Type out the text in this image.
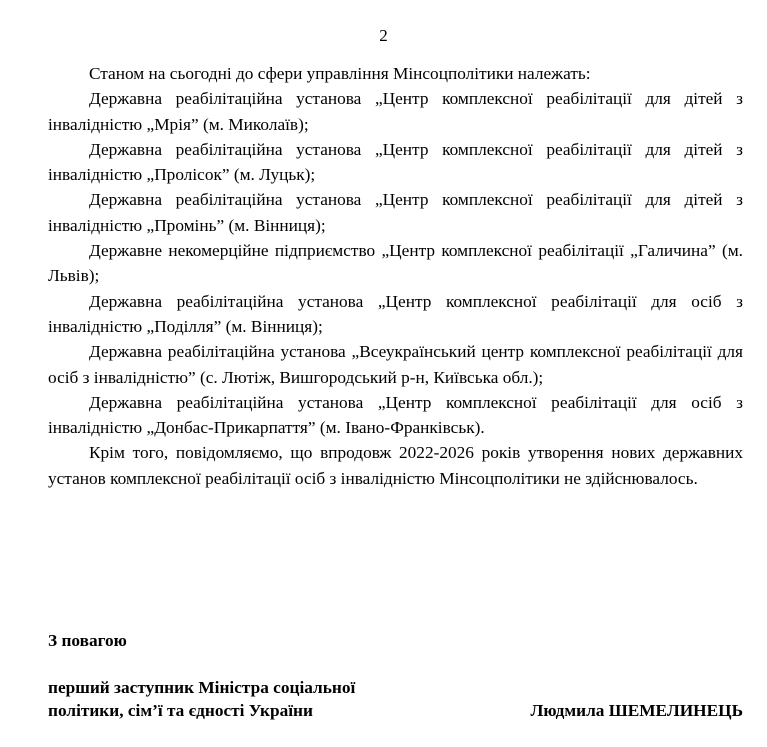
2

Станом на сьогодні до сфери управління Мінсоцполітики належать:

Державна реабілітаційна установа „Центр комплексної реабілітації для дітей з інвалідністю „Мрія” (м. Миколаїв);

Державна реабілітаційна установа „Центр комплексної реабілітації для дітей з інвалідністю „Пролісок” (м. Луцьк);

Державна реабілітаційна установа „Центр комплексної реабілітації для дітей з інвалідністю „Промінь” (м. Вінниця);

Державне некомерційне підприємство „Центр комплексної реабілітації „Галичина” (м. Львів);

Державна реабілітаційна установа „Центр комплексної реабілітації для осіб з інвалідністю „Поділля” (м. Вінниця);

Державна реабілітаційна установа „Всеукраїнський центр комплексної реабілітації для осіб з інвалідністю” (с. Лютіж, Вишгородський р-н, Київська обл.);

Державна реабілітаційна установа „Центр комплексної реабілітації для осіб з інвалідністю „Донбас-Прикарпаття” (м. Івано-Франківськ).

Крім того, повідомляємо, що впродовж 2022-2026 років утворення нових державних установ комплексної реабілітації осіб з інвалідністю Мінсоцполітики не здійснювалось.

З повагою
перший заступник Міністра соціальної
політики, сім’ї та єдності України	Людмила ШЕМЕЛИНЕЦЬ
